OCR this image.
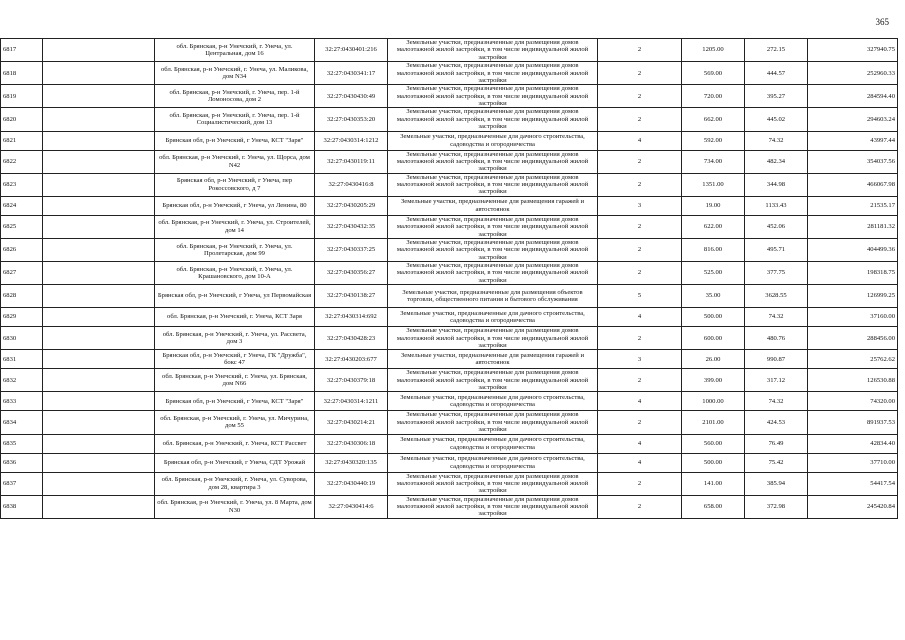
365
6817		обл. Брянская, р-н Унечский, г. Унеча, ул. Центральная, дом 16	32:27:0430401:216	Земельные участки, предназначенные для размещения домов малоэтажной жилой застройки, в том числе индивидуальной жилой застройки	2	1205.00	272.15	327940.75
6818		обл. Брянская, р-н Унечский, г. Унеча, ул. Маликова, дом N34	32:27:0430341:17	Земельные участки, предназначенные для размещения домов малоэтажной жилой застройки, в том числе индивидуальной жилой застройки	2	569.00	444.57	252960.33
6819		обл. Брянская, р-н Унечский, г. Унеча, пер. 1-й Ломоносова, дом 2	32:27:0430430:49	Земельные участки, предназначенные для размещения домов малоэтажной жилой застройки, в том числе индивидуальной жилой застройки	2	720.00	395.27	284594.40
6820		обл. Брянская, р-н Унечский, г. Унеча, пер. 1-й Социалистический, дом 13	32:27:0430353:20	Земельные участки, предназначенные для размещения домов малоэтажной жилой застройки, в том числе индивидуальной жилой застройки	2	662.00	445.02	294603.24
6821		Брянская обл, р-н Унечский, г Унеча, КСТ "Заря"	32:27:0430314:1212	Земельные участки, предназначенные для дачного строительства, садоводства и огородничества	4	592.00	74.32	43997.44
6822		обл. Брянская, р-н Унечский, г. Унеча, ул. Щорса, дом N42	32:27:0430119:11	Земельные участки, предназначенные для размещения домов малоэтажной жилой застройки, в том числе индивидуальной жилой застройки	2	734.00	482.34	354037.56
6823		Брянская обл, р-н Унечский, г Унеча, пер Рокоссовского, д 7	32:27:0430416:8	Земельные участки, предназначенные для размещения домов малоэтажной жилой застройки, в том числе индивидуальной жилой застройки	2	1351.00	344.98	466067.98
6824		Брянская обл, р-н Унечский, г Унеча, ул Ленина, 80	32:27:0430205:29	Земельные участки, предназначенные для размещения гаражей и автостоянок	3	19.00	1133.43	21535.17
6825		обл. Брянская, р-н Унечский, г. Унеча, ул. Строителей, дом 14	32:27:0430432:35	Земельные участки, предназначенные для размещения домов малоэтажной жилой застройки, в том числе индивидуальной жилой застройки	2	622.00	452.06	281181.32
6826		обл. Брянская, р-н Унечский, г. Унеча, ул. Пролетарская, дом 99	32:27:0430337:25	Земельные участки, предназначенные для размещения домов малоэтажной жилой застройки, в том числе индивидуальной жилой застройки	2	816.00	495.71	404499.36
6827		обл. Брянская, р-н Унечский, г. Унеча, ул. Крашановского, дом 10-А	32:27:0430356:27	Земельные участки, предназначенные для размещения домов малоэтажной жилой застройки, в том числе индивидуальной жилой застройки	2	525.00	377.75	198318.75
6828		Брянская обл, р-н Унечский, г Унеча, ул Первомайская	32:27:0430138:27	Земельные участки, предназначенные для размещения объектов торговли, общественного питания и бытового обслуживания	5	35.00	3628.55	126999.25
6829		обл. Брянская, р-н Унечский, г. Унеча, КСТ Заря	32:27:0430314:692	Земельные участки, предназначенные для дачного строительства, садоводства и огородничества	4	500.00	74.32	37160.00
6830		обл. Брянская, р-н Унечский, г. Унеча, ул. Рассвета, дом 3	32:27:0430428:23	Земельные участки, предназначенные для размещения домов малоэтажной жилой застройки, в том числе индивидуальной жилой застройки	2	600.00	480.76	288456.00
6831		Брянская обл, р-н Унечский, г Унеча, ГК "Дружба", бокс 47	32:27:0430203:677	Земельные участки, предназначенные для размещения гаражей и автостоянок	3	26.00	990.87	25762.62
6832		обл. Брянская, р-н Унечский, г. Унеча, ул. Брянская, дом N66	32:27:0430379:18	Земельные участки, предназначенные для размещения домов малоэтажной жилой застройки, в том числе индивидуальной жилой застройки	2	399.00	317.12	126530.88
6833		Брянская обл, р-н Унечский, г Унеча, КСТ "Заря"	32:27:0430314:1211	Земельные участки, предназначенные для дачного строительства, садоводства и огородничества	4	1000.00	74.32	74320.00
6834		обл. Брянская, р-н Унечский, г. Унеча, ул. Мичурина, дом 55	32:27:0430214:21	Земельные участки, предназначенные для размещения домов малоэтажной жилой застройки, в том числе индивидуальной жилой застройки	2	2101.00	424.53	891937.53
6835		обл. Брянская, р-н Унечский, г. Унеча, КСТ Рассвет	32:27:0430306:18	Земельные участки, предназначенные для дачного строительства, садоводства и огородничества	4	560.00	76.49	42834.40
6836		Брянская обл, р-н Унечский, г Унеча, СДТ Урожай	32:27:0430320:135	Земельные участки, предназначенные для дачного строительства, садоводства и огородничества	4	500.00	75.42	37710.00
6837		обл. Брянская, р-н Унечский, г. Унеча, ул. Суворова, дом 28, квартира 3	32:27:0430440:19	Земельные участки, предназначенные для размещения домов малоэтажной жилой застройки, в том числе индивидуальной жилой застройки	2	141.00	385.94	54417.54
6838		обл. Брянская, р-н Унечский, г. Унеча, ул. 8 Марта, дом N30	32:27:0430414:6	Земельные участки, предназначенные для размещения домов малоэтажной жилой застройки, в том числе индивидуальной жилой застройки	2	658.00	372.98	245420.84
